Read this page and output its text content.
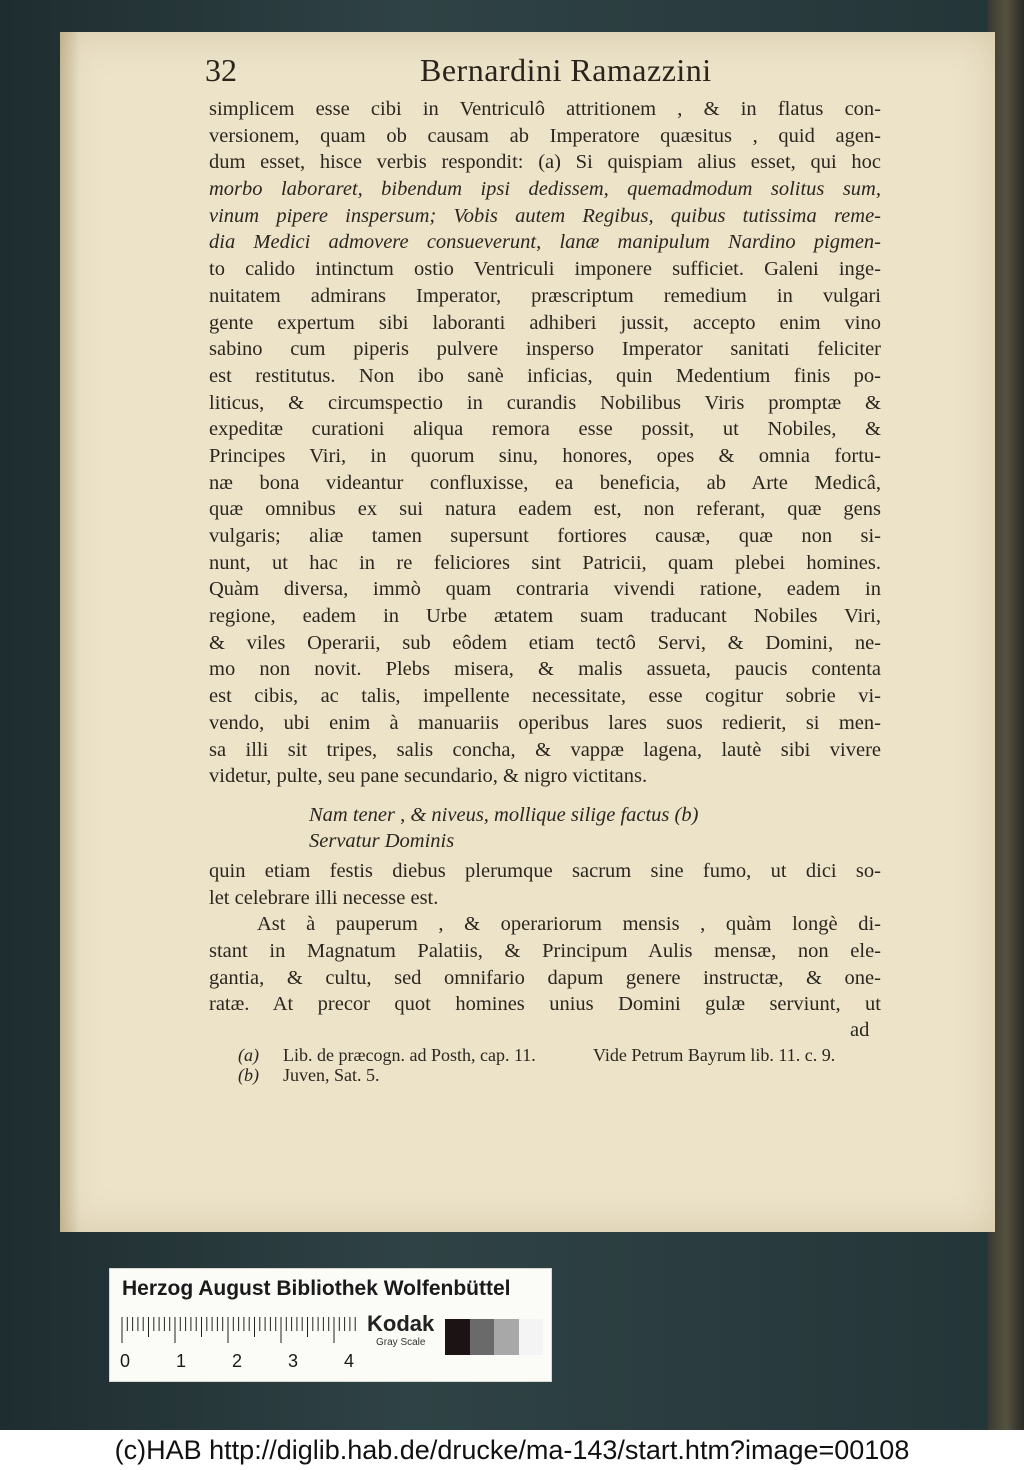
32	Bernardini Ramazzini
simplicem esse cibi in Ventriculô attritionem , & in flatus con-
versionem, quam ob causam ab Imperatore quæsitus , quid agen-
dum esset, hisce verbis respondit: (a) Si quispiam alius esset, qui hoc
morbo laboraret, bibendum ipsi dedissem, quemadmodum solitus sum,
vinum pipere inspersum; Vobis autem Regibus, quibus tutissima reme-
dia Medici admovere consueverunt, lanæ manipulum Nardino pigmen-
to calido intinctum ostio Ventriculi imponere sufficiet. Galeni inge-
nuitatem admirans Imperator, præscriptum remedium in vulgari
gente expertum sibi laboranti adhiberi jussit, accepto enim vino
sabino cum piperis pulvere insperso Imperator sanitati feliciter
est restitutus. Non ibo sanè inficias, quin Medentium finis po-
liticus, & circumspectio in curandis Nobilibus Viris promptæ &
expeditæ curationi aliqua remora esse possit, ut Nobiles, &
Principes Viri, in quorum sinu, honores, opes & omnia fortu-
næ bona videantur confluxisse, ea beneficia, ab Arte Medicâ,
quæ omnibus ex sui natura eadem est, non referant, quæ gens
vulgaris; aliæ tamen supersunt fortiores causæ, quæ non si-
nunt, ut hac in re feliciores sint Patricii, quam plebei homines.
Quàm diversa, immò quam contraria vivendi ratione, eadem in
regione, eadem in Urbe ætatem suam traducant Nobiles Viri,
& viles Operarii, sub eôdem etiam tectô Servi, & Domini, ne-
mo non novit. Plebs misera, & malis assueta, paucis contenta
est cibis, ac talis, impellente necessitate, esse cogitur sobrie vi-
vendo, ubi enim à manuariis operibus lares suos redierit, si men-
sa illi sit tripes, salis concha, & vappæ lagena, lautè sibi vivere
videtur, pulte, seu pane secundario, & nigro victitans.
Nam tener , & niveus, mollique silige factus (b)
Servatur Dominis
quin etiam festis diebus plerumque sacrum sine fumo, ut dici so-
let celebrare illi necesse est.
Ast à pauperum , & operariorum mensis , quàm longè di-
stant in Magnatum Palatiis, & Principum Aulis mensæ, non ele-
gantia, & cultu, sed omnifario dapum genere instructæ, & one-
ratæ. At precor quot homines unius Domini gulæ serviunt, ut
ad
(a) Lib. de præcogn. ad Posth, cap. 11.	Vide Petrum Bayrum lib. 11. c. 9.
(b) Juven, Sat. 5.
Herzog August Bibliothek Wolfenbüttel
0	1	2	3	4
Kodak
Gray Scale
(c)HAB http://diglib.hab.de/drucke/ma-143/start.htm?image=00108
